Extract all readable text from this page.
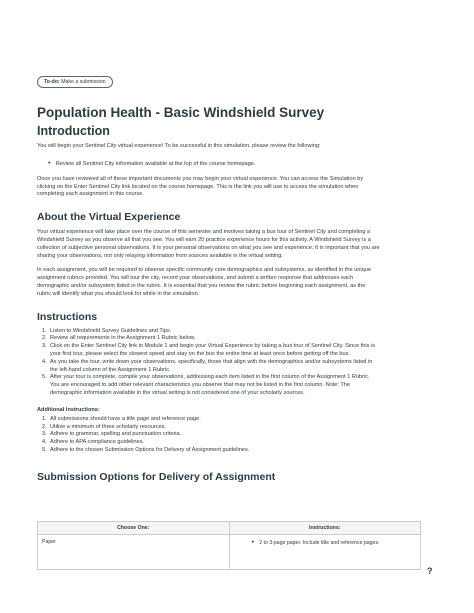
To-do: Make a submission
Population Health - Basic Windshield Survey
Introduction

You will begin your Sentinel City virtual experience! To be successful in this simulation, please review the following:

● Review all Sentinel City information available at the top of the course homepage.

Once you have reviewed all of these important documents you may begin your virtual experience. You can access the Simulation by
clicking on the Enter Sentinel City link located on the course homepage. This is the link you will use to access the simulation when
completing each assignment in this course.

About the Virtual Experience

Your virtual experience will take place over the course of this semester and involves taking a bus tour of Sentinel City and completing a
Windshield Survey as you observe all that you see. You will earn 20 practice experience hours for this activity. A Windshield Survey is a
collection of subjective personal observations. It is your personal observations on what you see and experience. It is important that you are
sharing your observations, not only relaying information from sources available in the virtual setting.

In each assignment, you will be required to observe specific community core demographics and subsystems, as identified in the unique
assignment rubrics provided. You will tour the city, record your observations, and submit a written response that addresses each
demographic and/or subsystem listed in the rubric. It is essential that you review the rubric before beginning each assignment, as the
rubric will identify what you should look for while in the simulation.

Instructions
1. Listen to Windshield Survey Guidelines and Tips.
2. Review all requirements in the Assignment 1 Rubric below.
3. Click on the Enter Sentinel City link in Module 1 and begin your Virtual Experience by taking a bus tour of Sentinel City. Since this is
your first tour, please select the slowest speed and stay on the bus the entire time at least once before getting off the bus.
4. As you take the tour, write down your observations, specifically, those that align with the demographics and/or subsystems listed in
the left-hand column of the Assignment 1 Rubric.
5. After your tour is complete, compile your observations, addressing each item listed in the first column of the Assignment 1 Rubric.
You are encouraged to add other relevant characteristics you observe that may not be listed in the first column. Note: The
demographic information available in the virtual setting is not considered one of your scholarly sources.
Additional Instructions:
1. All submissions should have a title page and reference page.
2. Utilize a minimum of three scholarly resources.
3. Adhere to grammar, spelling and punctuation criteria.
4. Adhere to APA compliance guidelines.
5. Adhere to the chosen Submission Options for Delivery of Assignment guidelines.
Submission Options for Delivery of Assignment
Choose One:	Instructions:
Paper	● 2 to 3-page paper. Include title and reference pages.
?
